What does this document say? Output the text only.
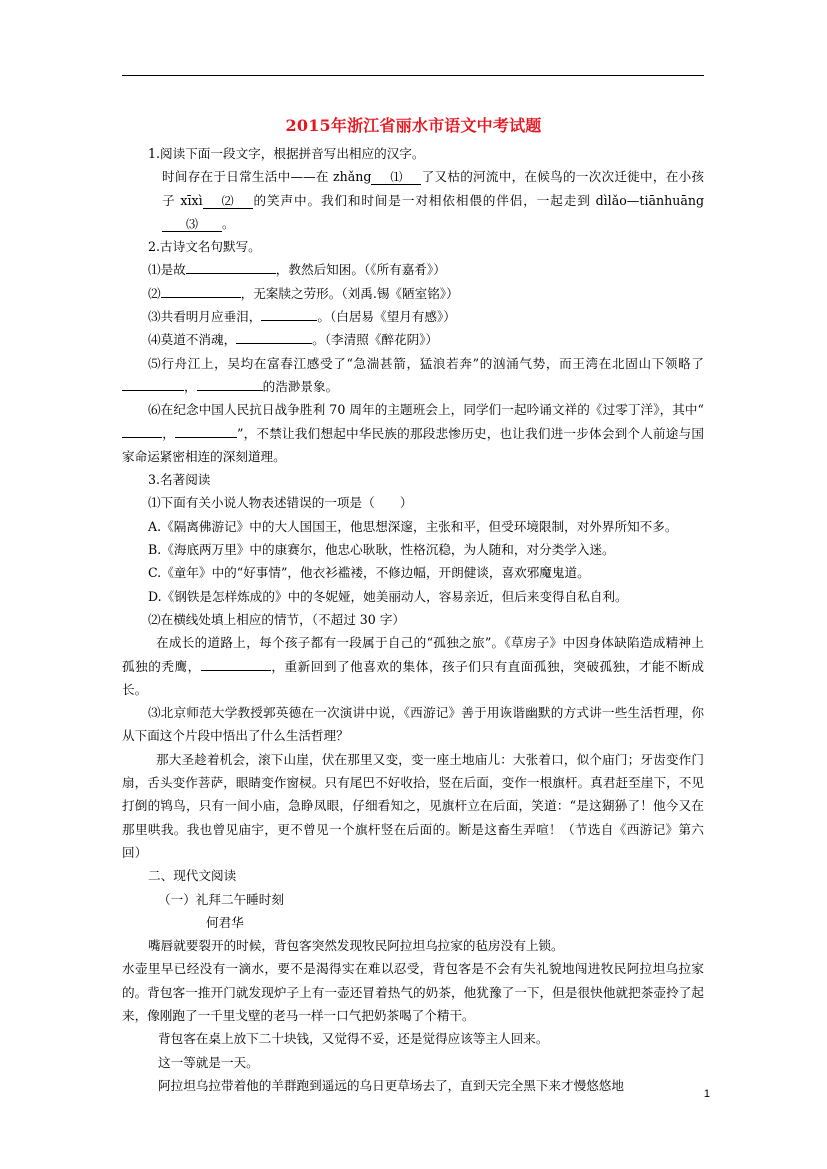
2015年浙江省丽水市语文中考试题

1.阅读下面一段文字，根据拼音写出相应的汉字。

时间存在于日常生活中——在 zhǎng ⑴ 了又枯的河流中，在候鸟的一次次迁徙中，在小孩子 xīxì ⑵ 的笑声中。我们和时间是一对相依相偎的伴侣，一起走到 dìlǎo—tiānhuāng⑶ 。

2.古诗文名句默写。

⑴是故	，教然后知困。（《所有嘉肴》）

⑵	，无案牍之劳形。（刘禹.锡《陋室铭》）

⑶共看明月应垂泪，	。（白居易《望月有感》）

⑷莫道不消魂，	。（李清照《醉花阴》）

⑸行舟江上，吴均在富春江感受了“急湍甚箭，猛浪若奔”的汹涌气势，而王湾在北固山下领略了，	的浩渺景象。

⑹在纪念中国人民抗日战争胜利 70 周年的主题班会上，同学们一起吟诵文祥的《过零丁洋》，其中“，	”，不禁让我们想起中华民族的那段悲惨历史，也让我们进一步体会到个人前途与国家命运紧密相连的深刻道理。

3.名著阅读

⑴下面有关小说人物表述错误的一项是（　　）

A.《隔离佛游记》中的大人国国王，他思想深邃，主张和平，但受环境限制，对外界所知不多。

B.《海底两万里》中的康赛尔，他忠心耿耿，性格沉稳，为人随和，对分类学入迷。

C.《童年》中的“好事情”，他衣衫褴褛，不修边幅，开朗健谈，喜欢邪魔鬼道。

D.《钢铁是怎样炼成的》中的冬妮娅，她美丽动人，容易亲近，但后来变得自私自利。

⑵在横线处填上相应的情节，（不超过 30 字）

在成长的道路上，每个孩子都有一段属于自己的“孤独之旅”。《草房子》中因身体缺陷造成精神上孤独的秃鹰，	，重新回到了他喜欢的集体，孩子们只有直面孤独，突破孤独，才能不断成长。

⑶北京师范大学教授郭英德在一次演讲中说，《西游记》善于用诙谐幽默的方式讲一些生活哲理，你从下面这个片段中悟出了什么生活哲理？

那大圣趁着机会，滚下山崖，伏在那里又变，变一座土地庙儿：大张着口，似个庙门；牙齿变作门扇，舌头变作菩萨，眼睛变作窗棂。只有尾巴不好收拾，竖在后面，变作一根旗杆。真君赶至崖下，不见打倒的鸨鸟，只有一间小庙，急睁凤眼，仔细看知之，见旗杆立在后面，笑道：“是这猢狲了！他今又在那里哄我。我也曾见庙宇，更不曾见一个旗杆竖在后面的。断是这畜生弄喧！（节选自《西游记》第六回）

二、现代文阅读

（一）礼拜二午睡时刻

何君华

嘴唇就要裂开的时候，背包客突然发现牧民阿拉坦乌拉家的毡房没有上锁。

水壶里早已经没有一滴水，要不是渴得实在难以忍受，背包客是不会有失礼貌地闯进牧民阿拉坦乌拉家的。背包客一推开门就发现炉子上有一壶还冒着热气的奶茶，他犹豫了一下，但是很快他就把茶壶拎了起来，像刚跑了一千里戈壁的老马一样一口气把奶茶喝了个精干。

背包客在桌上放下二十块钱，又觉得不妥，还是觉得应该等主人回来。

这一等就是一天。

阿拉坦乌拉带着他的羊群跑到遥远的乌日更草场去了，直到天完全黑下来才慢悠悠地

1
